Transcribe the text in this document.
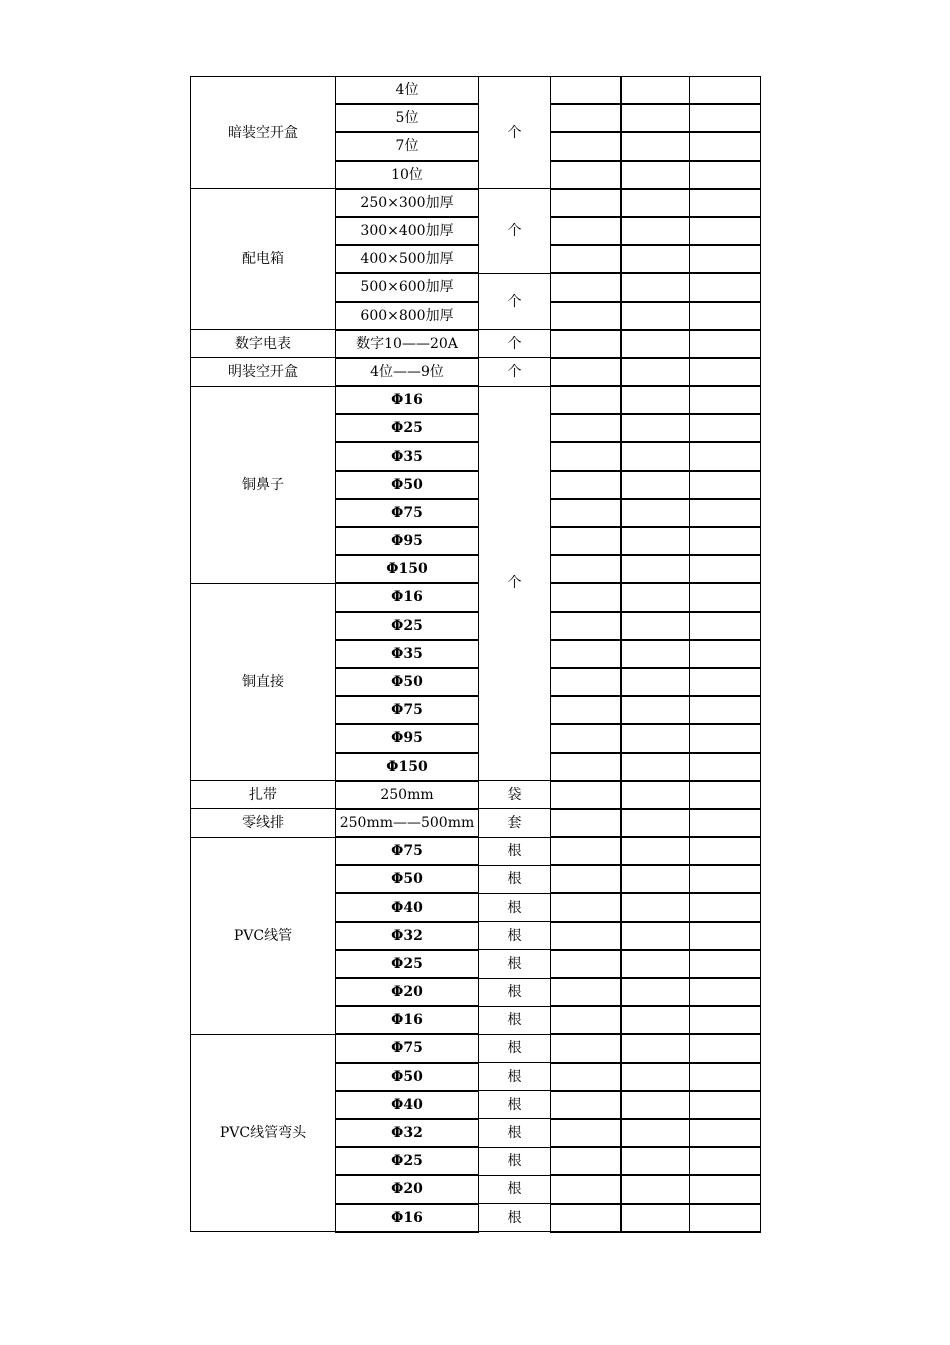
暗装空开盒	4位	个			
	5位				
	7位				
	10位				
配电箱	250×300加厚	个			
	300×400加厚				
	400×500加厚				
	500×600加厚	个			
	600×800加厚				
数字电表	数字10——20A	个			
明装空开盒	4位——9位	个			
铜鼻子	Φ16	个			
	Φ25				
	Φ35				
	Φ50				
	Φ75				
	Φ95				
	Φ150				
铜直接	Φ16				
	Φ25				
	Φ35				
	Φ50				
	Φ75				
	Φ95				
	Φ150				
扎带	250mm	袋			
零线排	250mm——500mm	套			
PVC线管	Φ75	根			
	Φ50	根			
	Φ40	根			
	Φ32	根			
	Φ25	根			
	Φ20	根			
	Φ16	根			
PVC线管弯头	Φ75	根			
	Φ50	根			
	Φ40	根			
	Φ32	根			
	Φ25	根			
	Φ20	根			
	Φ16	根			
